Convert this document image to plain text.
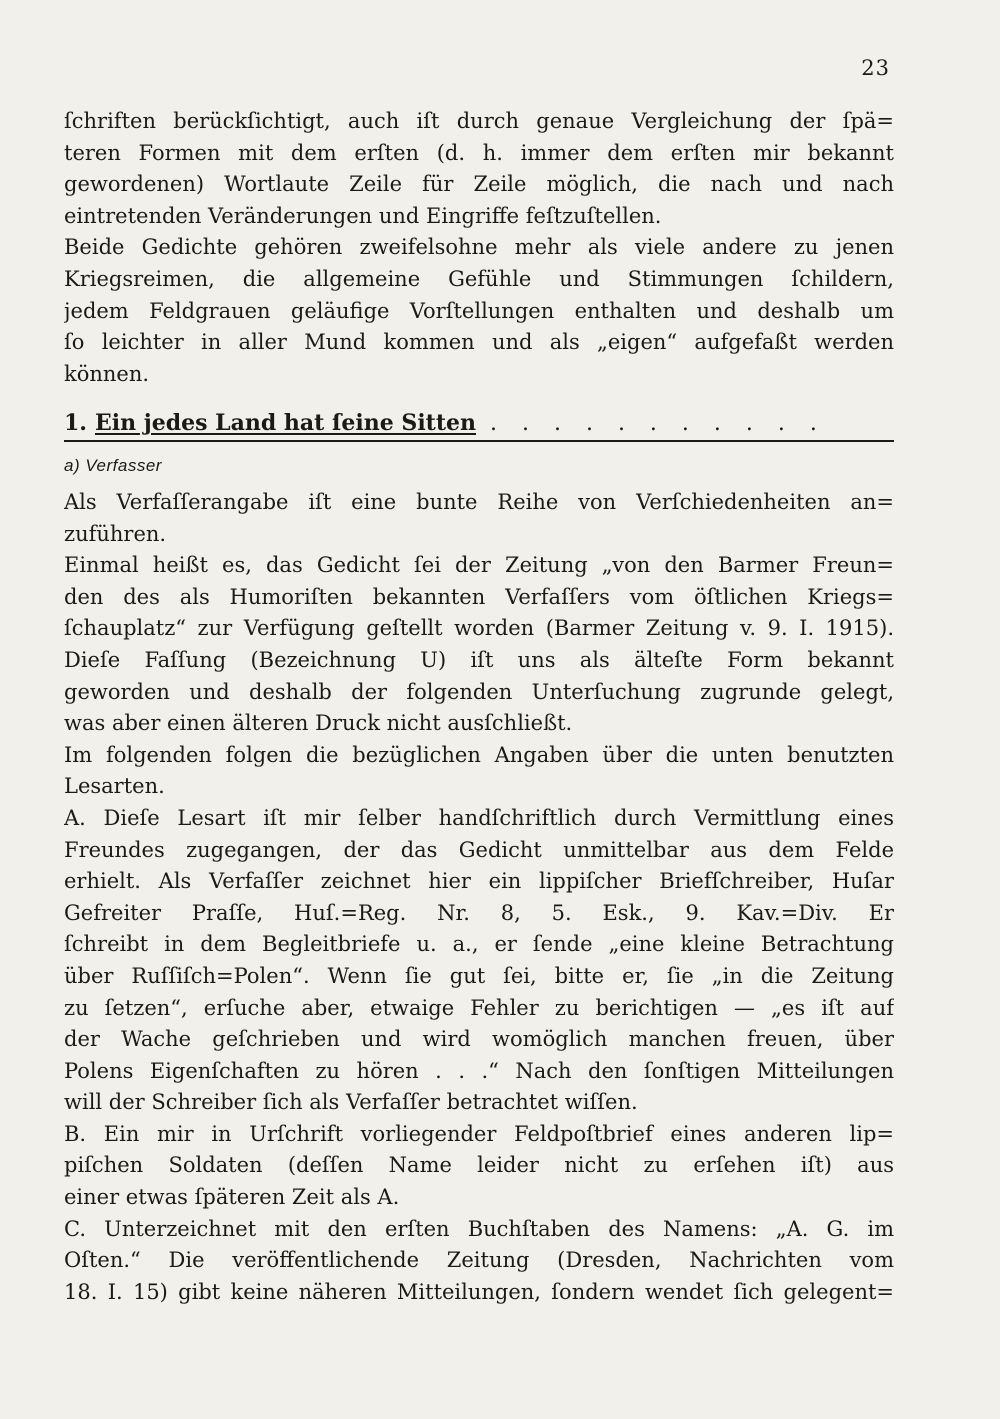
23
ſchriften berückſichtigt, auch iſt durch genaue Vergleichung der ſpä=
teren Formen mit dem erſten (d. h. immer dem erſten mir bekannt
gewordenen) Wortlaute Zeile für Zeile möglich, die nach und nach
eintretenden Veränderungen und Eingriffe feſtzuſtellen.
Beide Gedichte gehören zweifelsohne mehr als viele andere zu jenen
Kriegsreimen, die allgemeine Gefühle und Stimmungen ſchildern,
jedem Feldgrauen geläufige Vorſtellungen enthalten und deshalb um
ſo leichter in aller Mund kommen und als „eigen“ aufgefaßt werden
können.
1. Ein jedes Land hat ſeine Sitten . . . . . . . . . . .
a) Verfasser
Als Verfaſſerangabe iſt eine bunte Reihe von Verſchiedenheiten an=
zuführen.
Einmal heißt es, das Gedicht ſei der Zeitung „von den Barmer Freun=
den des als Humoriſten bekannten Verfaſſers vom öſtlichen Kriegs=
ſchauplatz“ zur Verfügung geſtellt worden (Barmer Zeitung v. 9. I. 1915).
Dieſe Faſſung (Bezeichnung U) iſt uns als älteſte Form bekannt
geworden und deshalb der folgenden Unterſuchung zugrunde gelegt,
was aber einen älteren Druck nicht ausſchließt.
Im folgenden folgen die bezüglichen Angaben über die unten benutzten
Lesarten.
A. Dieſe Lesart iſt mir ſelber handſchriftlich durch Vermittlung eines
Freundes zugegangen, der das Gedicht unmittelbar aus dem Felde
erhielt. Als Verfaſſer zeichnet hier ein lippiſcher Briefſchreiber, Huſar
Gefreiter Praſſe, Huſ.=Reg. Nr. 8, 5. Esk., 9. Kav.=Div. Er
ſchreibt in dem Begleitbriefe u. a., er ſende „eine kleine Betrachtung
über Ruſſiſch=Polen“. Wenn ſie gut ſei, bitte er, ſie „in die Zeitung
zu ſetzen“, erſuche aber, etwaige Fehler zu berichtigen — „es iſt auf
der Wache geſchrieben und wird womöglich manchen freuen, über
Polens Eigenſchaften zu hören . . .“ Nach den ſonſtigen Mitteilungen
will der Schreiber ſich als Verfaſſer betrachtet wiſſen.
B. Ein mir in Urſchrift vorliegender Feldpoſtbrief eines anderen lip=
piſchen Soldaten (deſſen Name leider nicht zu erſehen iſt) aus
einer etwas ſpäteren Zeit als A.
C. Unterzeichnet mit den erſten Buchſtaben des Namens: „A. G. im
Oſten.“ Die veröffentlichende Zeitung (Dresden, Nachrichten vom
18. I. 15) gibt keine näheren Mitteilungen, ſondern wendet ſich gelegent=
